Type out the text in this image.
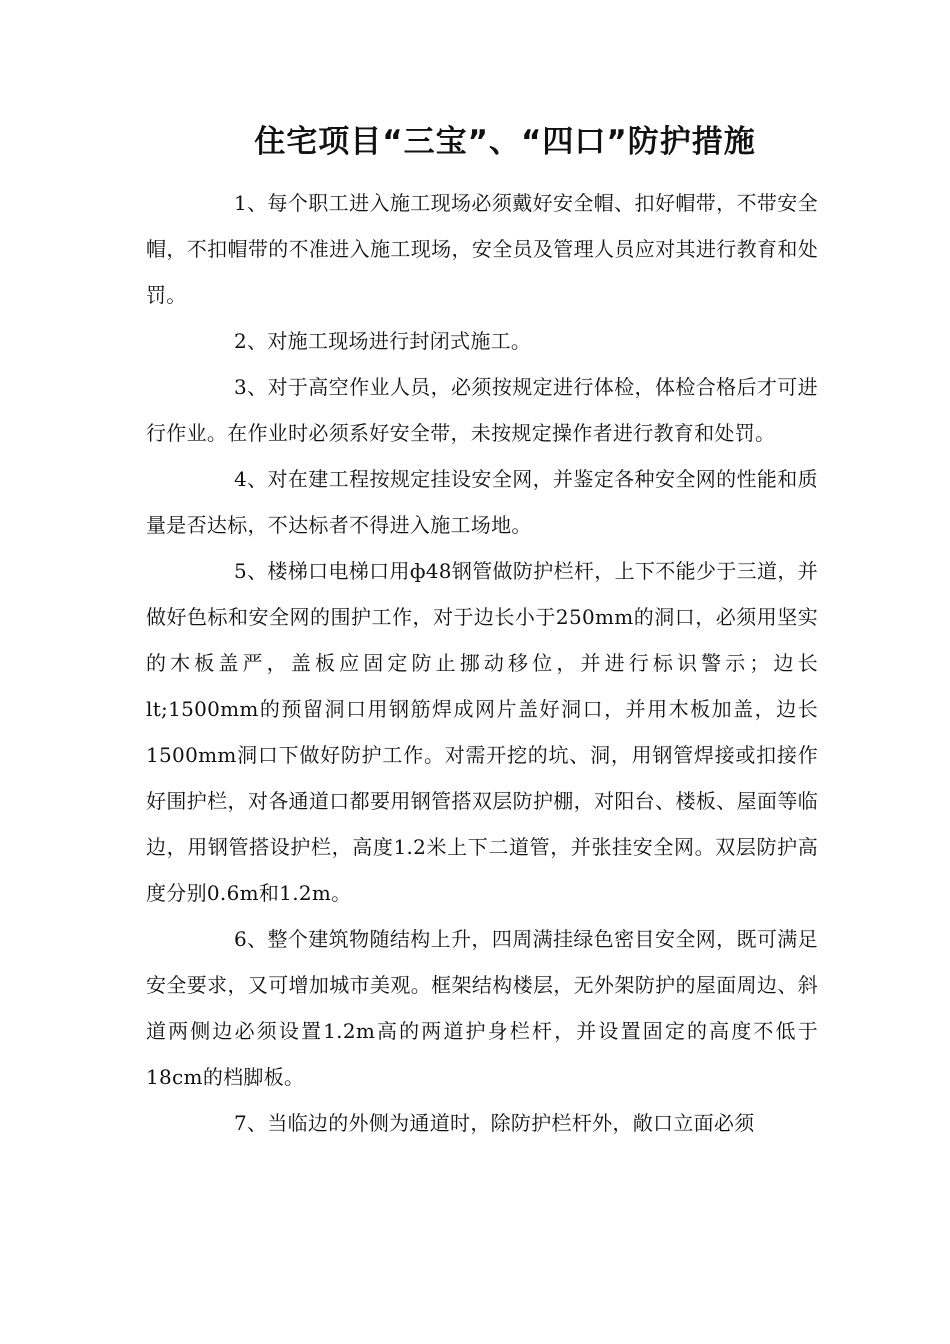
住宅项目“三宝”、“四口”防护措施

1、每个职工进入施工现场必须戴好安全帽、扣好帽带，不带安全帽，不扣帽带的不准进入施工现场，安全员及管理人员应对其进行教育和处罚。

2、对施工现场进行封闭式施工。

3、对于高空作业人员，必须按规定进行体检，体检合格后才可进行作业。在作业时必须系好安全带，未按规定操作者进行教育和处罚。

4、对在建工程按规定挂设安全网，并鉴定各种安全网的性能和质量是否达标，不达标者不得进入施工场地。

5、楼梯口电梯口用ф48钢管做防护栏杆，上下不能少于三道，并做好色标和安全网的围护工作，对于边长小于250mm的洞口，必须用坚实的木板盖严，盖板应固定防止挪动移位，并进行标识警示；边长lt;1500mm的预留洞口用钢筋焊成网片盖好洞口，并用木板加盖，边长1500mm洞口下做好防护工作。对需开挖的坑、洞，用钢管焊接或扣接作好围护栏，对各通道口都要用钢管搭双层防护棚，对阳台、楼板、屋面等临边，用钢管搭设护栏，高度1.2米上下二道管，并张挂安全网。双层防护高度分别0.6m和1.2m。

6、整个建筑物随结构上升，四周满挂绿色密目安全网，既可满足安全要求，又可增加城市美观。框架结构楼层，无外架防护的屋面周边、斜道两侧边必须设置1.2m高的两道护身栏杆，并设置固定的高度不低于18cm的档脚板。

7、当临边的外侧为通道时，除防护栏杆外，敞口立面必须
